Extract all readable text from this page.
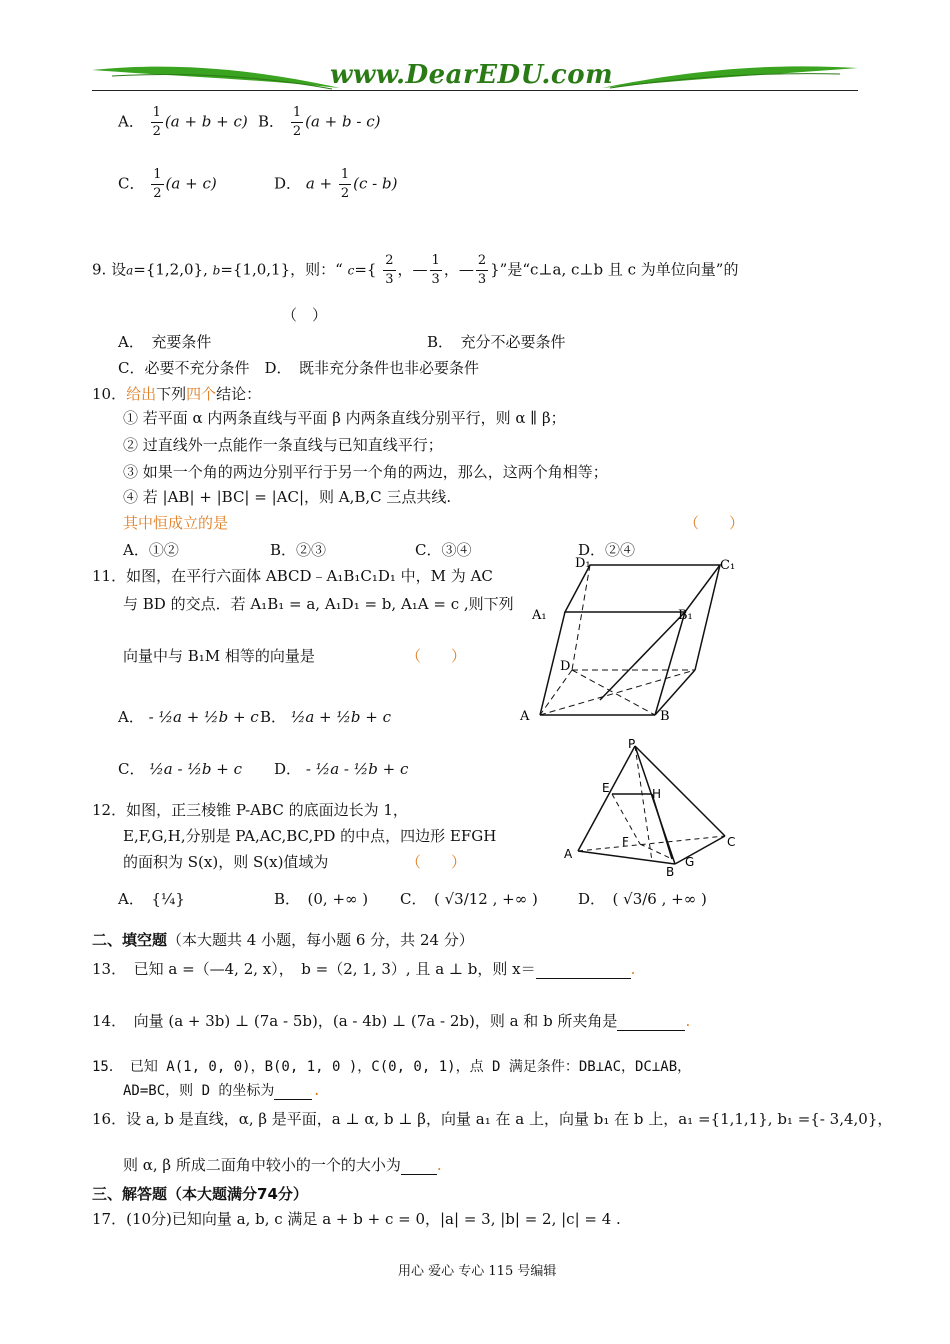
www.DearEDU.com
A． $\frac{1}{2} (a + b + c)$ B． $\frac{1}{2} (a + b - c)$
C． $\frac{1}{2} (a + c)$	D． $a + \frac{1}{2} (c - b)$
9. 设a={1,2,0}, b={1,0,1}，则：“ $c=\{ \frac{2}{3}$ ，— $\frac{1}{3}$ ，— $\frac{2}{3}$ }”是“c⊥a, c⊥b 且 c 为单位向量”的
（　）
A．　充要条件	B．　充分不必要条件
C．必要不充分条件　D．　既非充分条件也非必要条件
10．给出下列四个结论：
① 若平面 α 内两条直线与平面 β 内两条直线分别平行，则 α ∥ β；
② 过直线外一点能作一条直线与已知直线平行；
③ 如果一个角的两边分别平行于另一个角的两边，那么，这两个角相等；
④ 若 |AB| + |BC| = |AC|，则 A,B,C 三点共线.
其中恒成立的是	（　　）
A．①②	B．②③	C．③④	D．②④
11．如图，在平行六面体 ABCD﹣A₁B₁C₁D₁ 中，M 为 AC
与 BD 的交点．若 A₁B₁ = a, A₁D₁ = b, A₁A = c ,则下列
向量中与 B₁M 相等的向量是	（　　）
A． - ½a + ½b + c B． ½a + ½b + c
C． ½a - ½b + c D． - ½a - ½b + c
D₁	C₁
A₁	B₁
D
A	B
P
E	H
F
A
B
G
C
12．如图，正三棱锥 P-ABC 的底面边长为 1，
E,F,G,H,分别是 PA,AC,BC,PD 的中点，四边形 EFGH
的面积为 S(x)，则 S(x)值域为	（　　）
A．　{¼}	B．　(0, +∞ ) C．　( √3/12 , +∞ )	D．　( √3/6 , +∞ )
二、填空题（本大题共 4 小题，每小题 6 分，共 24 分）
13．　已知 a =（—4, 2, x），　b =（2, 1, 3）, 且 a ⊥ b，则 x＝	.
14．　向量 (a + 3b) ⊥ (7a - 5b)，(a - 4b) ⊥ (7a - 2b)，则 a 和 b 所夹角是	.
15．　已知 A(1, 0, 0)，B(0, 1, 0 )，C(0, 0, 1)，点 D 满足条件：DB⊥AC，DC⊥AB，
AD=BC，则 D 的坐标为	.
16．设 a, b 是直线，α, β 是平面，a ⊥ α, b ⊥ β，向量 a₁ 在 a 上，向量 b₁ 在 b 上，a₁ ={1,1,1}, b₁ ={- 3,4,0}，
则 α, β 所成二面角中较小的一个的大小为 .
三、解答题（本大题满分74分）
17．(10分)已知向量 a, b, c 满足 a + b + c = 0，|a| = 3, |b| = 2, |c| = 4 .
用心 爱心 专心 115 号编辑
